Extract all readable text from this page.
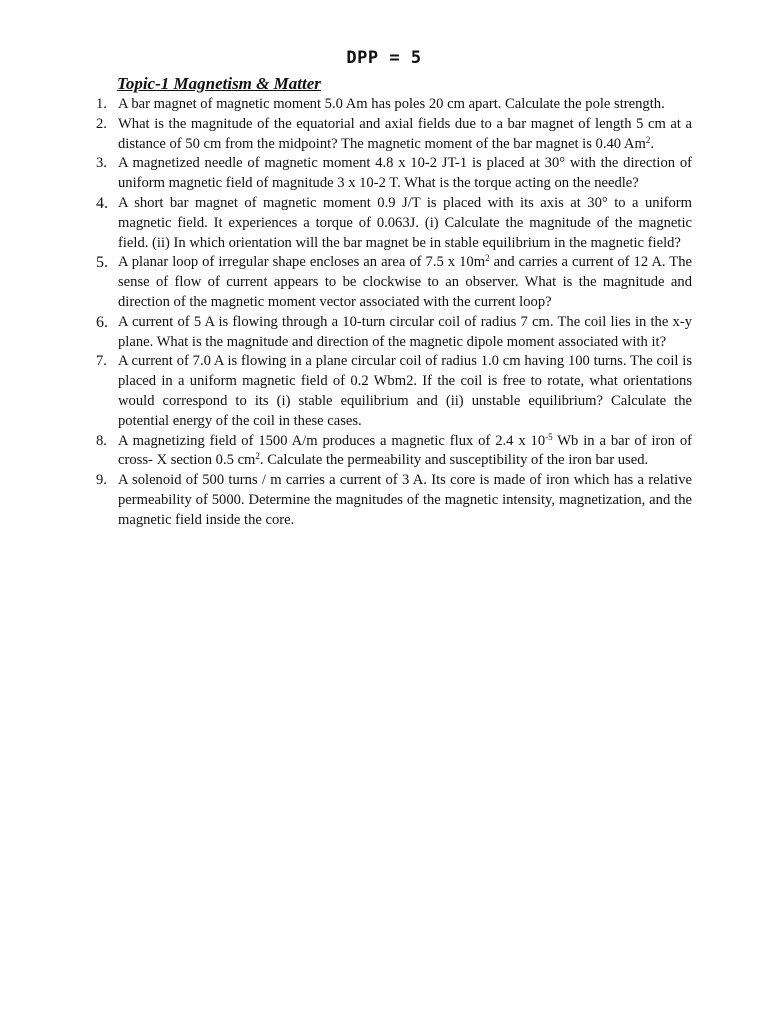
DPP = 5
Topic-1 Magnetism & Matter
1. A bar magnet of magnetic moment 5.0 Am has poles 20 cm apart. Calculate the pole strength.
2. What is the magnitude of the equatorial and axial fields due to a bar magnet of length 5 cm at a distance of 50 cm from the midpoint? The magnetic moment of the bar magnet is 0.40 Am$^2$.
3. A magnetized needle of magnetic moment 4.8 x 10-2 JT-1 is placed at 30° with the direction of uniform magnetic field of magnitude 3 x 10-2 T. What is the torque acting on the needle?
4. A short bar magnet of magnetic moment 0.9 J/T is placed with its axis at 30° to a uniform magnetic field. It experiences a torque of 0.063J. (i) Calculate the magnitude of the magnetic field. (ii) In which orientation will the bar magnet be in stable equilibrium in the magnetic field?
5. A planar loop of irregular shape encloses an area of 7.5 x $10m^2$ and carries a current of 12 A. The sense of flow of current appears to be clockwise to an observer. What is the magnitude and direction of the magnetic moment vector associated with the current loop?
6. A current of 5 A is flowing through a 10-turn circular coil of radius 7 cm. The coil lies in the x-y plane. What is the magnitude and direction of the magnetic dipole moment associated with it?
7. A current of 7.0 A is flowing in a plane circular coil of radius 1.0 cm having 100 turns. The coil is placed in a uniform magnetic field of 0.2 Wbm2. If the coil is free to rotate, what orientations would correspond to its (i) stable equilibrium and (ii) unstable equilibrium? Calculate the potential energy of the coil in these cases.
8. A magnetizing field of 1500 A/m produces a magnetic flux of 2.4 x $10^{-5}$ Wb in a bar of iron of cross- X section 0.5 $cm^2$. Calculate the permeability and susceptibility of the iron bar used.
9. A solenoid of 500 turns / m carries a current of 3 A. Its core is made of iron which has a relative permeability of 5000. Determine the magnitudes of the magnetic intensity, magnetization, and the magnetic field inside the core.
